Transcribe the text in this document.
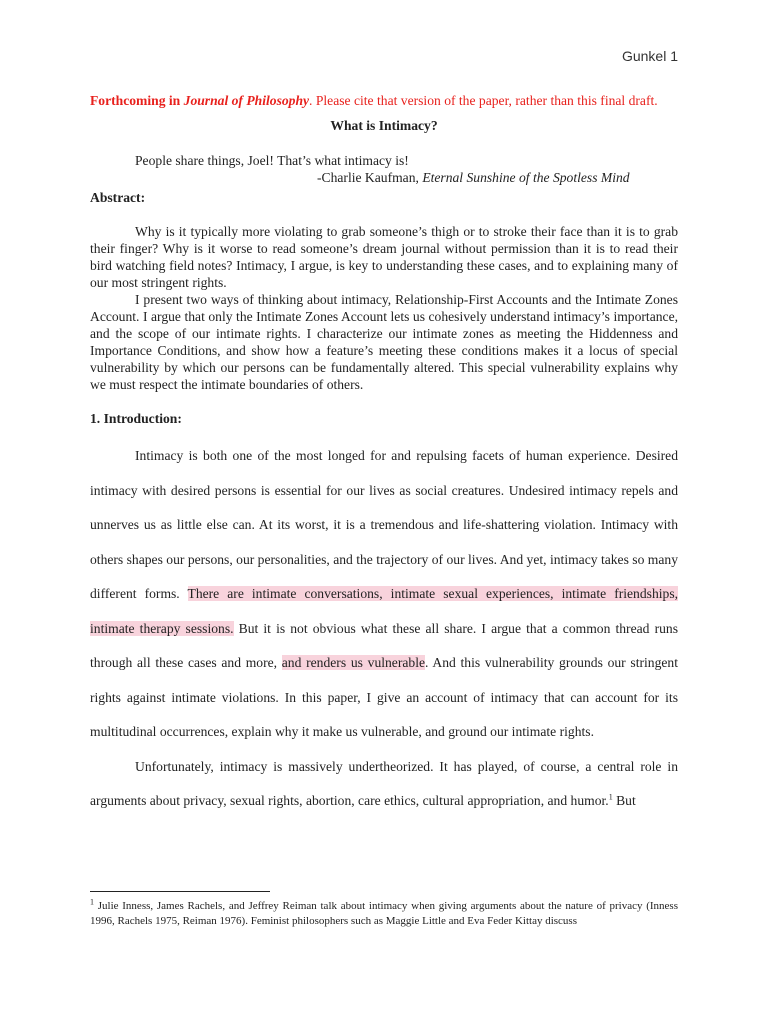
Gunkel 1

Forthcoming in Journal of Philosophy. Please cite that version of the paper, rather than this final draft.

What is Intimacy?
People share things, Joel! That’s what intimacy is!
-Charlie Kaufman, Eternal Sunshine of the Spotless Mind
Abstract:

Why is it typically more violating to grab someone’s thigh or to stroke their face than it is to grab their finger? Why is it worse to read someone’s dream journal without permission than it is to read their bird watching field notes? Intimacy, I argue, is key to understanding these cases, and to explaining many of our most stringent rights.

I present two ways of thinking about intimacy, Relationship-First Accounts and the Intimate Zones Account. I argue that only the Intimate Zones Account lets us cohesively understand intimacy’s importance, and the scope of our intimate rights. I characterize our intimate zones as meeting the Hiddenness and Importance Conditions, and show how a feature’s meeting these conditions makes it a locus of special vulnerability by which our persons can be fundamentally altered. This special vulnerability explains why we must respect the intimate boundaries of others.

1. Introduction:

Intimacy is both one of the most longed for and repulsing facets of human experience. Desired intimacy with desired persons is essential for our lives as social creatures. Undesired intimacy repels and unnerves us as little else can. At its worst, it is a tremendous and life-shattering violation. Intimacy with others shapes our persons, our personalities, and the trajectory of our lives. And yet, intimacy takes so many different forms. There are intimate conversations, intimate sexual experiences, intimate friendships, intimate therapy sessions. But it is not obvious what these all share. I argue that a common thread runs through all these cases and more, and renders us vulnerable. And this vulnerability grounds our stringent rights against intimate violations. In this paper, I give an account of intimacy that can account for its multitudinal occurrences, explain why it make us vulnerable, and ground our intimate rights.

Unfortunately, intimacy is massively undertheorized. It has played, of course, a central role in arguments about privacy, sexual rights, abortion, care ethics, cultural appropriation, and humor.$^1$ But

$^1$ Julie Inness, James Rachels, and Jeffrey Reiman talk about intimacy when giving arguments about the nature of privacy (Inness 1996, Rachels 1975, Reiman 1976). Feminist philosophers such as Maggie Little and Eva Feder Kittay discuss
